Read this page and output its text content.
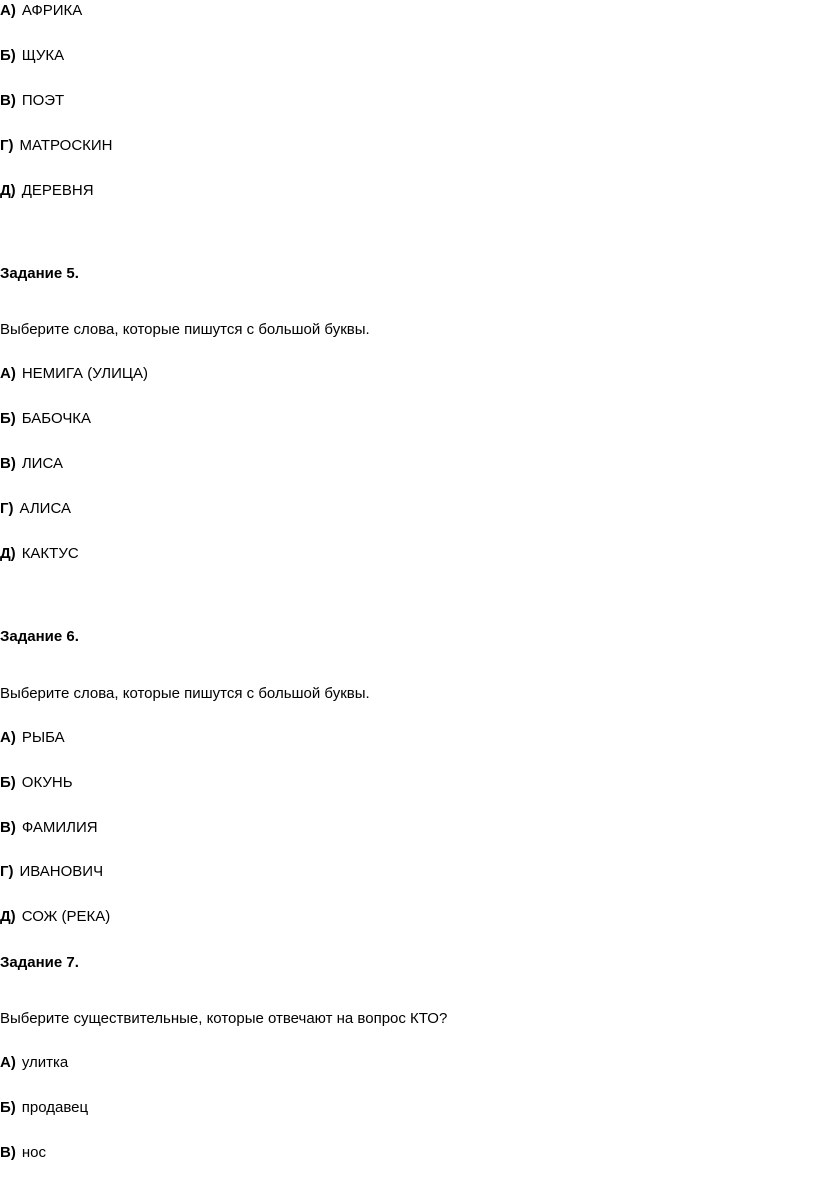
А) АФРИКА
Б) ЩУКА
В) ПОЭТ
Г) МАТРОСКИН
Д) ДЕРЕВНЯ
Задание 5.
Выберите слова, которые пишутся с большой буквы.
А) НЕМИГА (УЛИЦА)
Б) БАБОЧКА
В) ЛИСА
Г) АЛИСА
Д) КАКТУС
Задание 6.
Выберите слова, которые пишутся с большой буквы.
А) РЫБА
Б) ОКУНЬ
В) ФАМИЛИЯ
Г) ИВАНОВИЧ
Д) СОЖ (РЕКА)
Задание 7.
Выберите существительные, которые отвечают на вопрос КТО?
А) улитка
Б) продавец
В) нос
